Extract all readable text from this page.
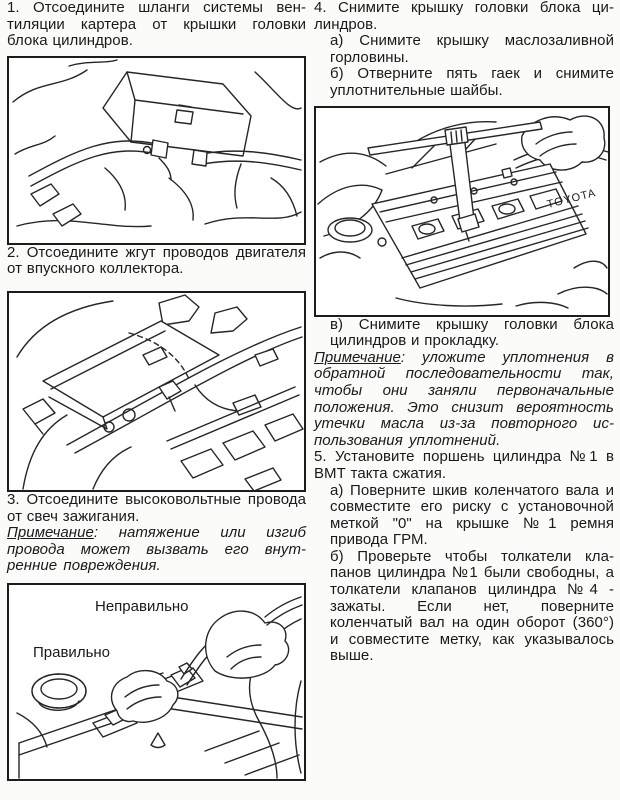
1. Отсоедините шланги системы вентиляции картера от крышки головки блока цилиндров.

2. Отсоедините жгут проводов двигателя от впускного коллектора.

3. Отсоедините высоковольтные провода от свеч зажигания.

Примечание: натяжение или изгиб провода может вызвать его внутренние повреждения.

Неправильно
Правильно

4. Снимите крышку головки блока цилиндров.

а) Снимите крышку маслозаливной горловины.

б) Отверните пять гаек и снимите уплотнительные шайбы.

TOYOTA

в) Снимите крышку головки блока цилиндров и прокладку.

Примечание: уложите уплотнения в обратной последовательности так, чтобы они заняли первоначальные положения. Это снизит вероятность утечки масла из-за повторного использования уплотнений.

5. Установите поршень цилиндра №1 в ВМТ такта сжатия.

а) Поверните шкив коленчатого вала и совместите его риску с установочной меткой "0" на крышке №1 ремня привода ГРМ.

б) Проверьте чтобы толкатели клапанов цилиндра №1 были свободны, а толкатели клапанов цилиндра №4 - зажаты. Если нет, поверните коленчатый вал на один оборот (360°) и совместите метку, как указывалось выше.
